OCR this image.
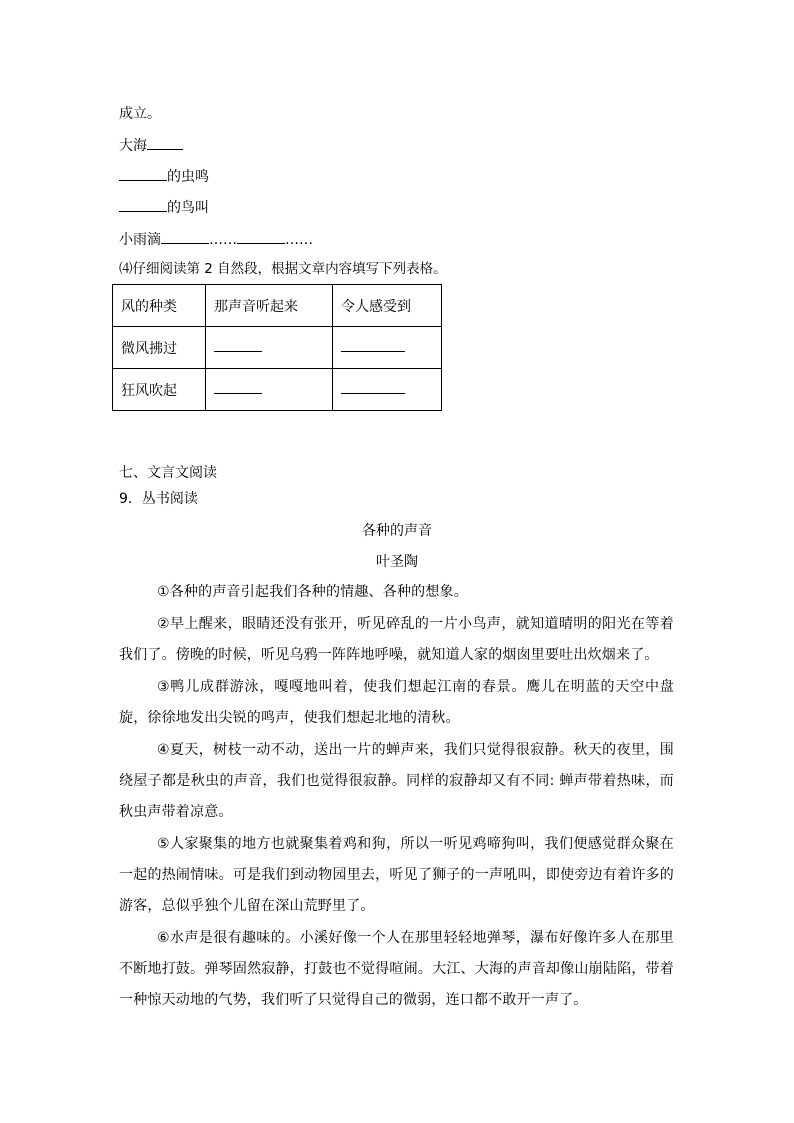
成立。
大海
的虫鸣
的鸟叫
小雨滴	……	……
⑷仔细阅读第 2 自然段，根据文章内容填写下列表格。
风的种类	那声音听起来	令人感受到
微风拂过		
狂风吹起		
七、文言文阅读
9．丛书阅读
各种的声音
叶圣陶
①各种的声音引起我们各种的情趣、各种的想象。
②早上醒来，眼睛还没有张开，听见碎乱的一片小鸟声，就知道晴明的阳光在等着我们了。傍晚的时候，听见乌鸦一阵阵地呼噪，就知道人家的烟囱里要吐出炊烟来了。
③鸭儿成群游泳，嘎嘎地叫着，使我们想起江南的春景。鹰儿在明蓝的天空中盘旋，徐徐地发出尖锐的鸣声，使我们想起北地的清秋。
④夏天，树枝一动不动，送出一片的蝉声来，我们只觉得很寂静。秋天的夜里，围绕屋子都是秋虫的声音，我们也觉得很寂静。同样的寂静却又有不同: 蝉声带着热味，而秋虫声带着凉意。
⑤人家聚集的地方也就聚集着鸡和狗，所以一听见鸡啼狗叫，我们便感觉群众聚在一起的热闹情味。可是我们到动物园里去，听见了狮子的一声吼叫，即使旁边有着许多的游客，总似乎独个儿留在深山荒野里了。
⑥水声是很有趣味的。小溪好像一个人在那里轻轻地弹琴，瀑布好像许多人在那里不断地打鼓。弹琴固然寂静，打鼓也不觉得喧闹。大江、大海的声音却像山崩陆陷，带着一种惊天动地的气势，我们听了只觉得自己的微弱，连口都不敢开一声了。
